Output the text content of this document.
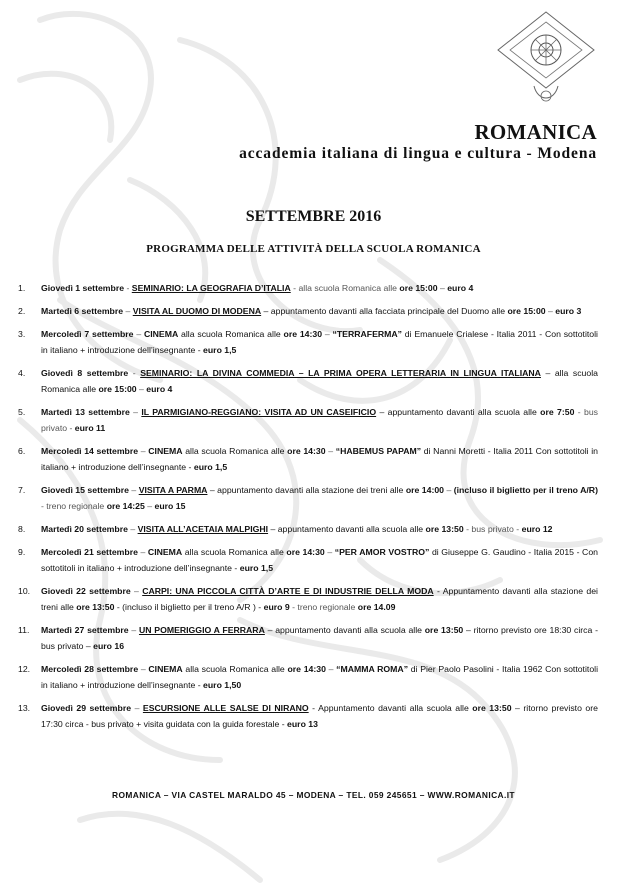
ROMANICA
accademia italiana di lingua e cultura - Modena
SETTEMBRE 2016
PROGRAMMA DELLE ATTIVITÀ DELLA SCUOLA ROMANICA
1. Giovedì 1 settembre - SEMINARIO: LA GEOGRAFIA D’ITALIA - alla scuola Romanica alle ore 15:00 – euro 4
2. Martedì 6 settembre – VISITA AL DUOMO DI MODENA – appuntamento davanti alla facciata principale del Duomo alle ore 15:00 – euro 3
3. Mercoledì 7 settembre – CINEMA alla scuola Romanica alle ore 14:30 – “TERRAFERMA” di Emanuele Crialese - Italia 2011 - Con sottotitoli in italiano + introduzione dell’insegnante - euro 1,5
4. Giovedì 8 settembre - SEMINARIO: LA DIVINA COMMEDIA – LA PRIMA OPERA LETTERARIA IN LINGUA ITALIANA – alla scuola Romanica alle ore 15:00 – euro 4
5. Martedì 13 settembre – IL PARMIGIANO-REGGIANO: VISITA AD UN CASEIFICIO – appuntamento davanti alla scuola alle ore 7:50 - bus privato - euro 11
6. Mercoledì 14 settembre – CINEMA alla scuola Romanica alle ore 14:30 – “HABEMUS PAPAM” di Nanni Moretti - Italia 2011 Con sottotitoli in italiano + introduzione dell’insegnante - euro 1,5
7. Giovedì 15 settembre – VISITA A PARMA – appuntamento davanti alla stazione dei treni alle ore 14:00 – (incluso il biglietto per il treno A/R) - treno regionale ore 14:25 – euro 15
8. Martedì 20 settembre – VISITA ALL’ACETAIA MALPIGHI – appuntamento davanti alla scuola alle ore 13:50 - bus privato - euro 12
9. Mercoledì 21 settembre – CINEMA alla scuola Romanica alle ore 14:30 – “PER AMOR VOSTRO” di Giuseppe G. Gaudino - Italia 2015 - Con sottotitoli in italiano + introduzione dell’insegnante - euro 1,5
10. Giovedì 22 settembre – CARPI: UNA PICCOLA CITTÀ D’ARTE E DI INDUSTRIE DELLA MODA - Appuntamento davanti alla stazione dei treni alle ore 13:50 - (incluso il biglietto per il treno A/R ) - euro 9 - treno regionale ore 14.09
11. Martedì 27 settembre – UN POMERIGGIO A FERRARA – appuntamento davanti alla scuola alle ore 13:50 – ritorno previsto ore 18:30 circa - bus privato – euro 16
12. Mercoledì 28 settembre – CINEMA alla scuola Romanica alle ore 14:30 – “MAMMA ROMA” di Pier Paolo Pasolini - Italia 1962 Con sottotitoli in italiano + introduzione dell’insegnante - euro 1,50
13. Giovedì 29 settembre – ESCURSIONE ALLE SALSE DI NIRANO - Appuntamento davanti alla scuola alle ore 13:50 – ritorno previsto ore 17:30 circa - bus privato + visita guidata con la guida forestale - euro 13
ROMANICA – VIA CASTEL MARALDO 45 – MODENA – TEL. 059 245651 – WWW.ROMANICA.IT
